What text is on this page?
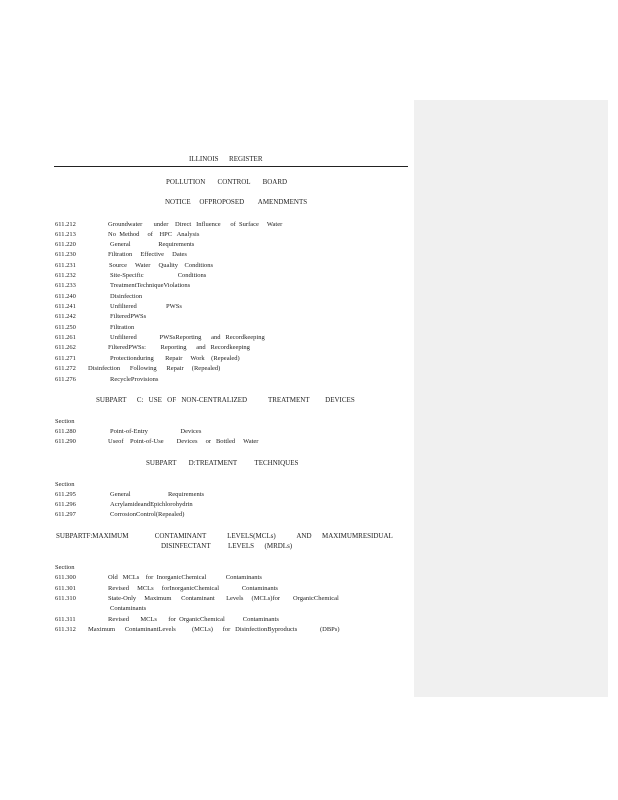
ILLINOIS      REGISTER
POLLUTION       CONTROL       BOARD
NOTICE     OFPROPOSED        AMENDMENTS
611.212	Groundwater       under    Direct   Influence      of  Surface     Water
611.213	No  Method     of    HPC   Analysis
611.220	General                 Requirements
611.230	Filtration     Effective     Dates
611.231	Source     Water     Quality    Conditions
611.232	Site-Specific                     Conditions
611.233	TreatmentTechniqueViolations
611.240	Disinfection
611.241	Unfiltered                  PWSs
611.242	FilteredPWSs
611.250	Filtration
611.261	Unfiltered              PWSsReporting      and   Recordkeeping
611.262	FilteredPWSs:         Reporting      and   Recordkeeping
611.271	Protectionduring       Repair     Work    (Repealed)
611.272 Disinfection      Following      Repair     (Repealed)
611.276	RecycleProvisions
SUBPART      C:   USE   OF   NON-CENTRALIZED            TREATMENT         DEVICES
Section
611.280	Point-of-Entry                    Devices
611.290	Useof    Point-of-Use        Devices     or   Bottled     Water
SUBPART       D:TREATMENT          TECHNIQUES
Section
611.295	General                       Requirements
611.296	AcrylamideandEpichlorohydrin
611.297	CorrosionControl(Repealed)
SUBPARTF:MAXIMUM               CONTAMINANT            LEVELS(MCLs)            AND      MAXIMUMRESIDUAL
DISINFECTANT          LEVELS      (MRDLs)
Section
611.300	Old   MCLs    for  InorganicChemical            Contaminants
611.301	Revised     MCLs     forInorganicChemical              Contaminants
611.310	State-Only     Maximum      Contaminant       Levels     (MCLs)for        OrganicChemical
Contaminants
611.311	Revised       MCLs       for  OrganicChemical           Contaminants
611.312 Maximum      ContaminantLevels          (MCLs)      for   DisinfectionByproducts              (DBPs)
